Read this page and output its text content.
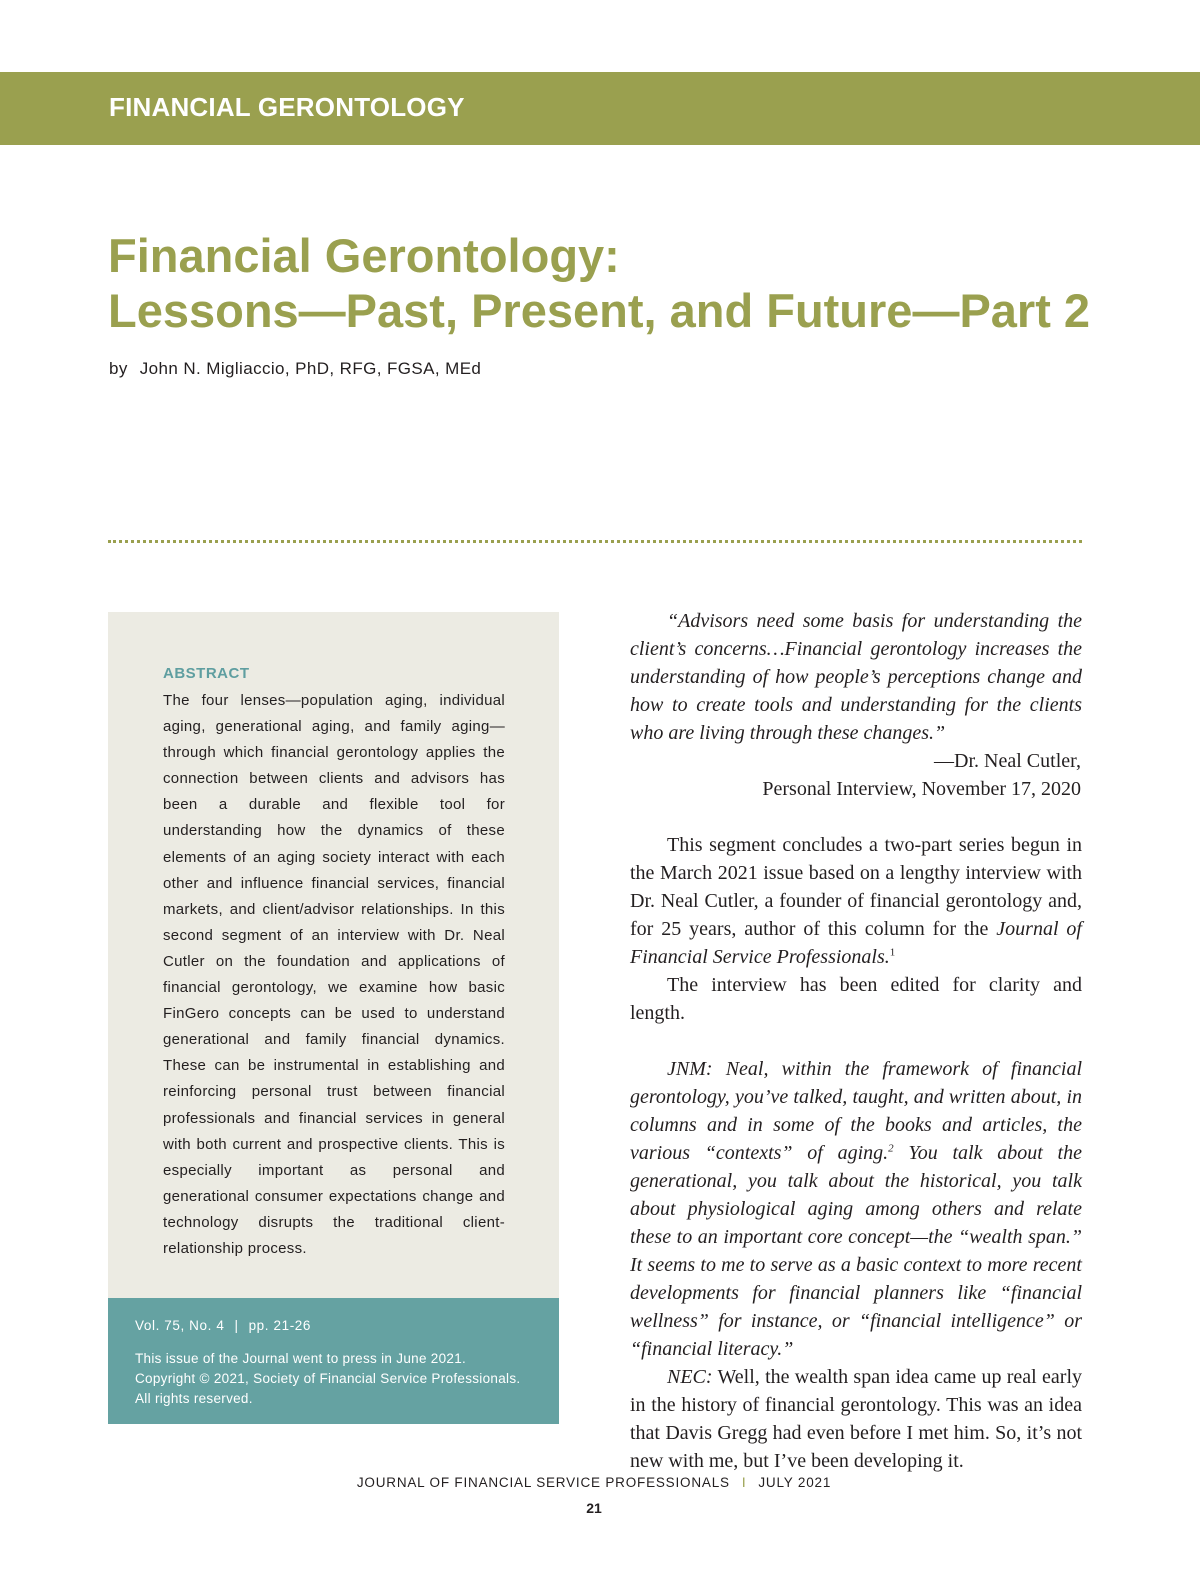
FINANCIAL GERONTOLOGY
Financial Gerontology:
Lessons—Past, Present, and Future—Part 2
by John N. Migliaccio, PhD, RFG, FGSA, MEd
ABSTRACT
The four lenses—population aging, individual aging, generational aging, and family aging—through which financial gerontology applies the connection between clients and advisors has been a durable and flexible tool for understanding how the dynamics of these elements of an aging society interact with each other and influence financial services, financial markets, and client/advisor relationships. In this second segment of an interview with Dr. Neal Cutler on the foundation and applications of financial gerontology, we examine how basic FinGero concepts can be used to understand generational and family financial dynamics. These can be instrumental in establishing and reinforcing personal trust between financial professionals and financial services in general with both current and prospective clients. This is especially important as personal and generational consumer expectations change and technology disrupts the traditional client-relationship process.
Vol. 75, No. 4 | pp. 21-26
This issue of the Journal went to press in June 2021.
Copyright © 2021, Society of Financial Service Professionals.
All rights reserved.
“Advisors need some basis for understanding the client’s concerns…Financial gerontology increases the understanding of how people’s perceptions change and how to create tools and understanding for the clients who are living through these changes.”
—Dr. Neal Cutler,
Personal Interview, November 17, 2020

This segment concludes a two-part series begun in the March 2021 issue based on a lengthy interview with Dr. Neal Cutler, a founder of financial gerontology and, for 25 years, author of this column for the Journal of Financial Service Professionals.$^1$

The interview has been edited for clarity and length.

JNM: Neal, within the framework of financial gerontology, you’ve talked, taught, and written about, in columns and in some of the books and articles, the various “contexts” of aging.$^2$ You talk about the generational, you talk about the historical, you talk about physiological aging among others and relate these to an important core concept—the “wealth span.” It seems to me to serve as a basic context to more recent developments for financial planners like “financial wellness” for instance, or “financial intelligence” or “financial literacy.”

NEC: Well, the wealth span idea came up real early in the history of financial gerontology. This was an idea that Davis Gregg had even before I met him. So, it’s not new with me, but I’ve been developing it.

JOURNAL OF FINANCIAL SERVICE PROFESSIONALS I JULY 2021
21
